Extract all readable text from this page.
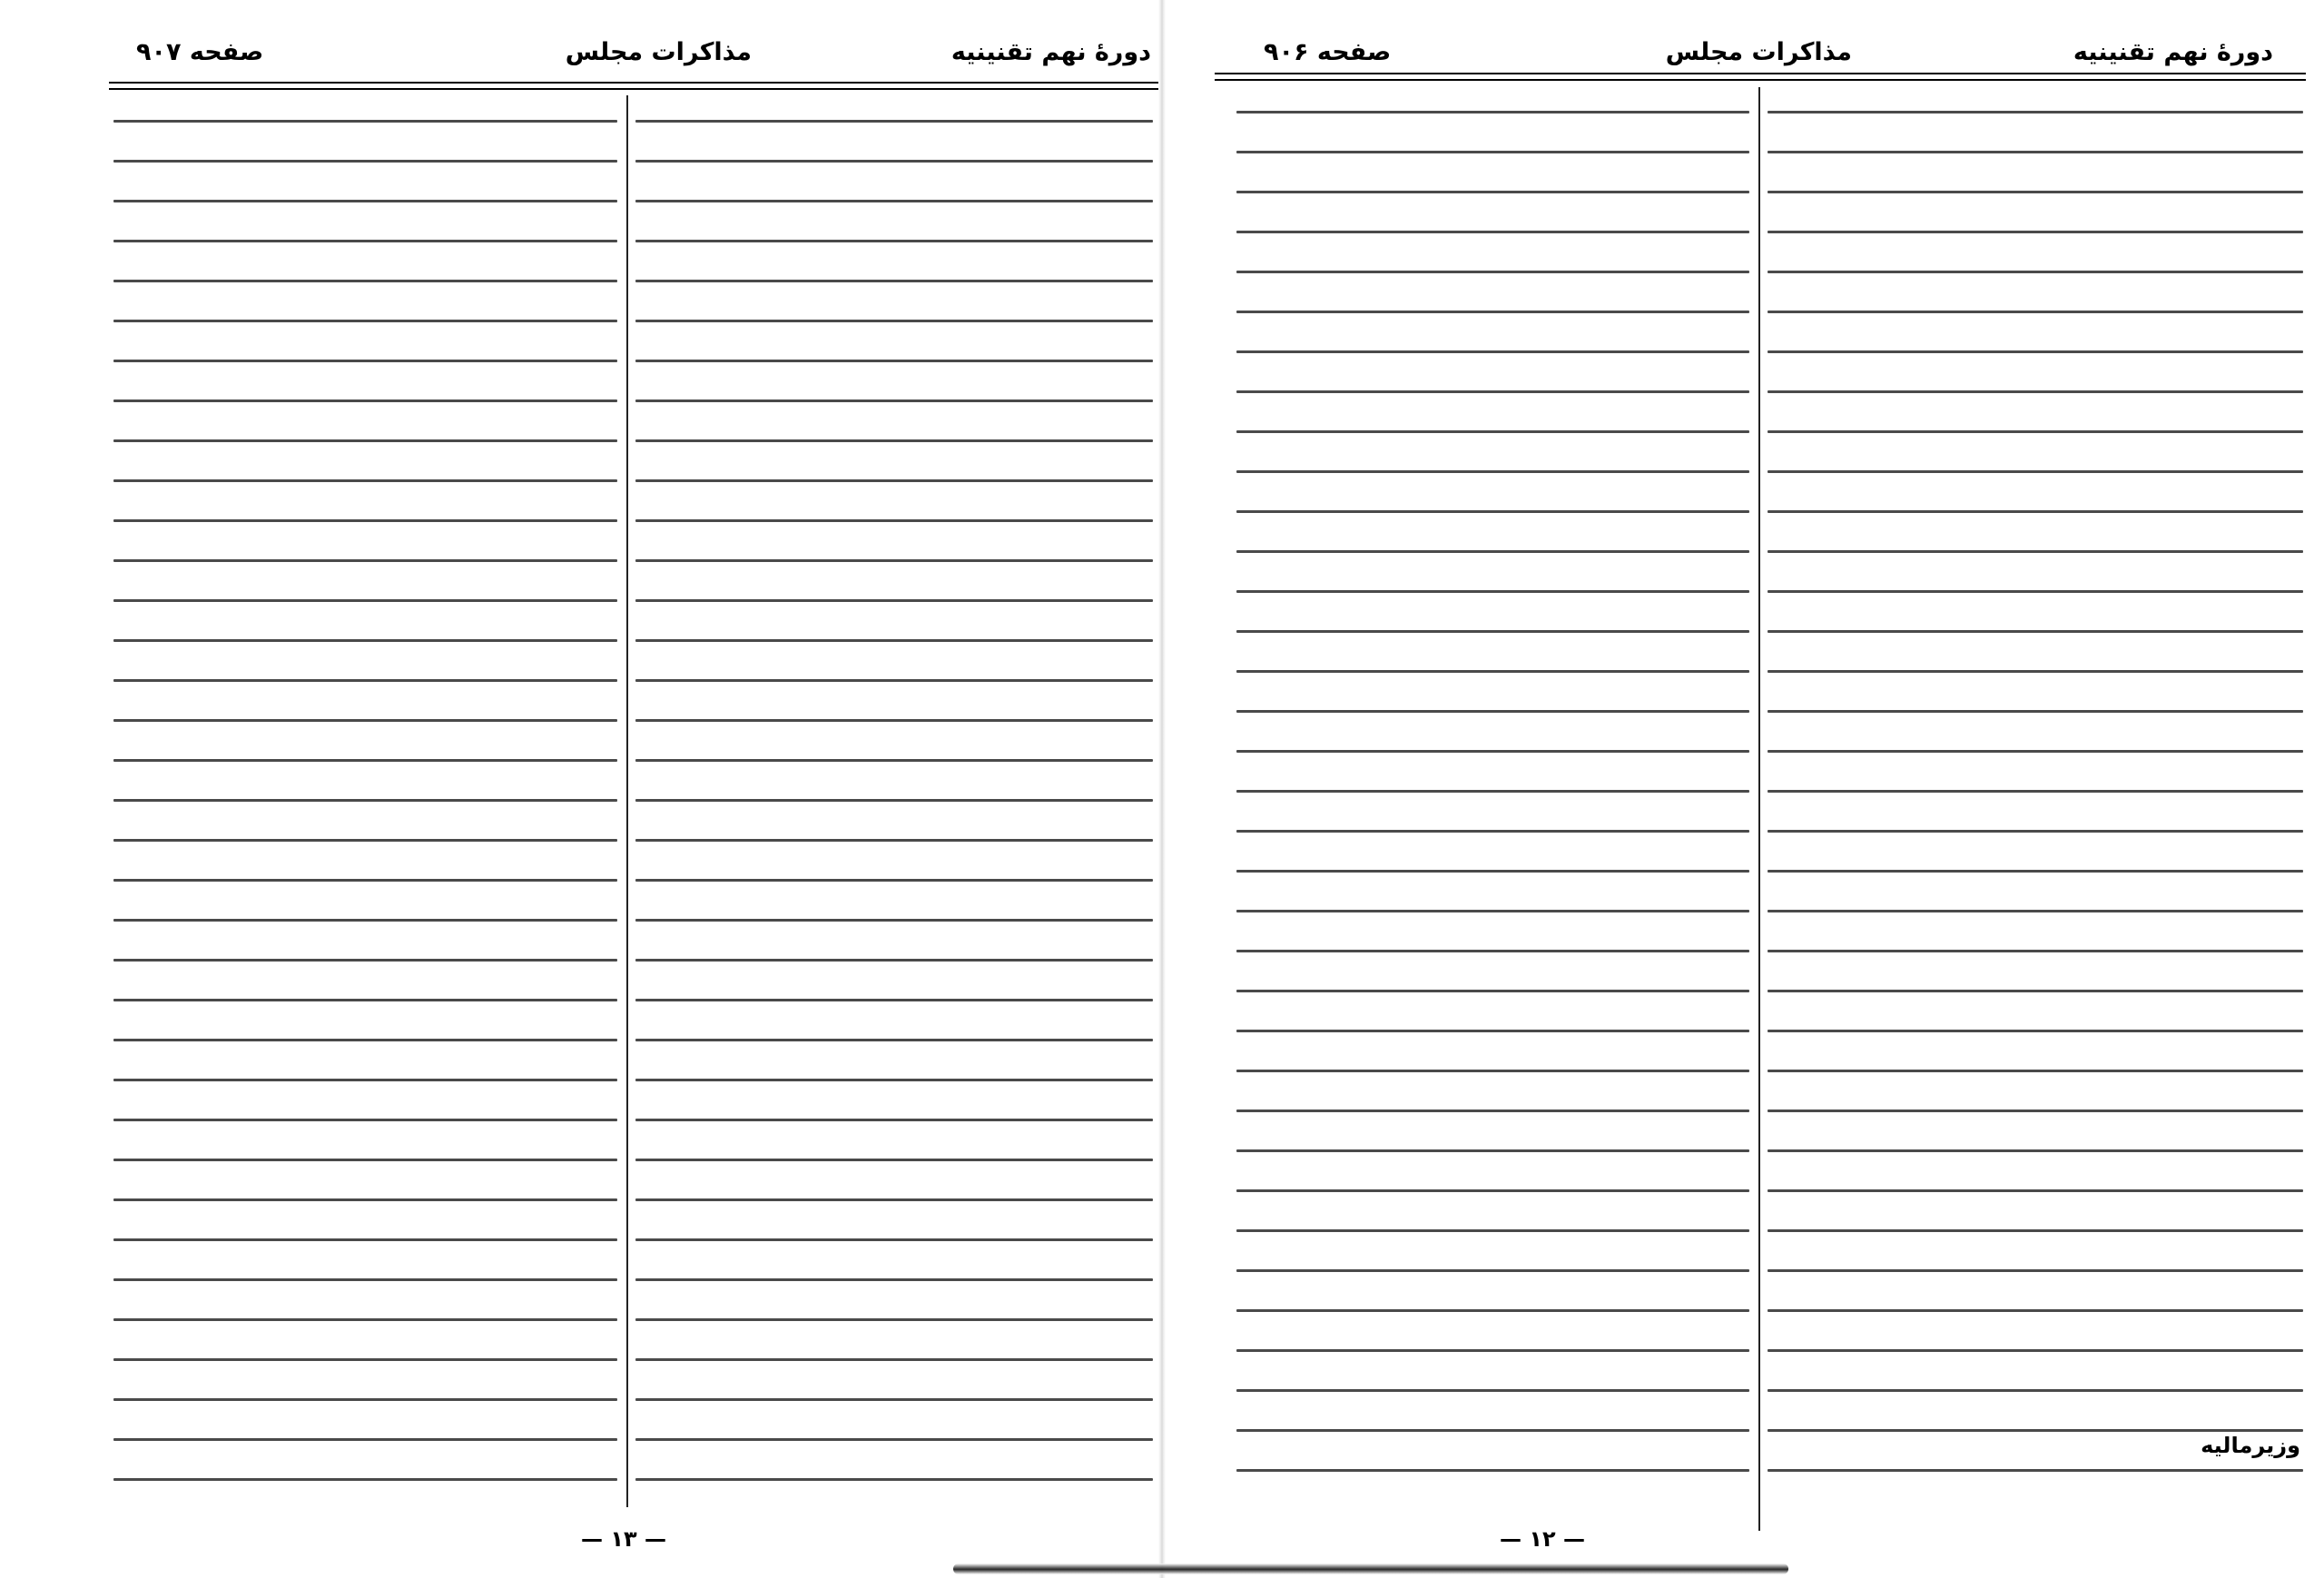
دورهٔ نهم تقنینیه
مذاکرات مجلس
صفحه ۹۰۷
— ۱۳ —
دورهٔ نهم تقنینیه
مذاکرات مجلس
صفحه ۹۰۶
وزیرمالیه
— ۱۲ —
